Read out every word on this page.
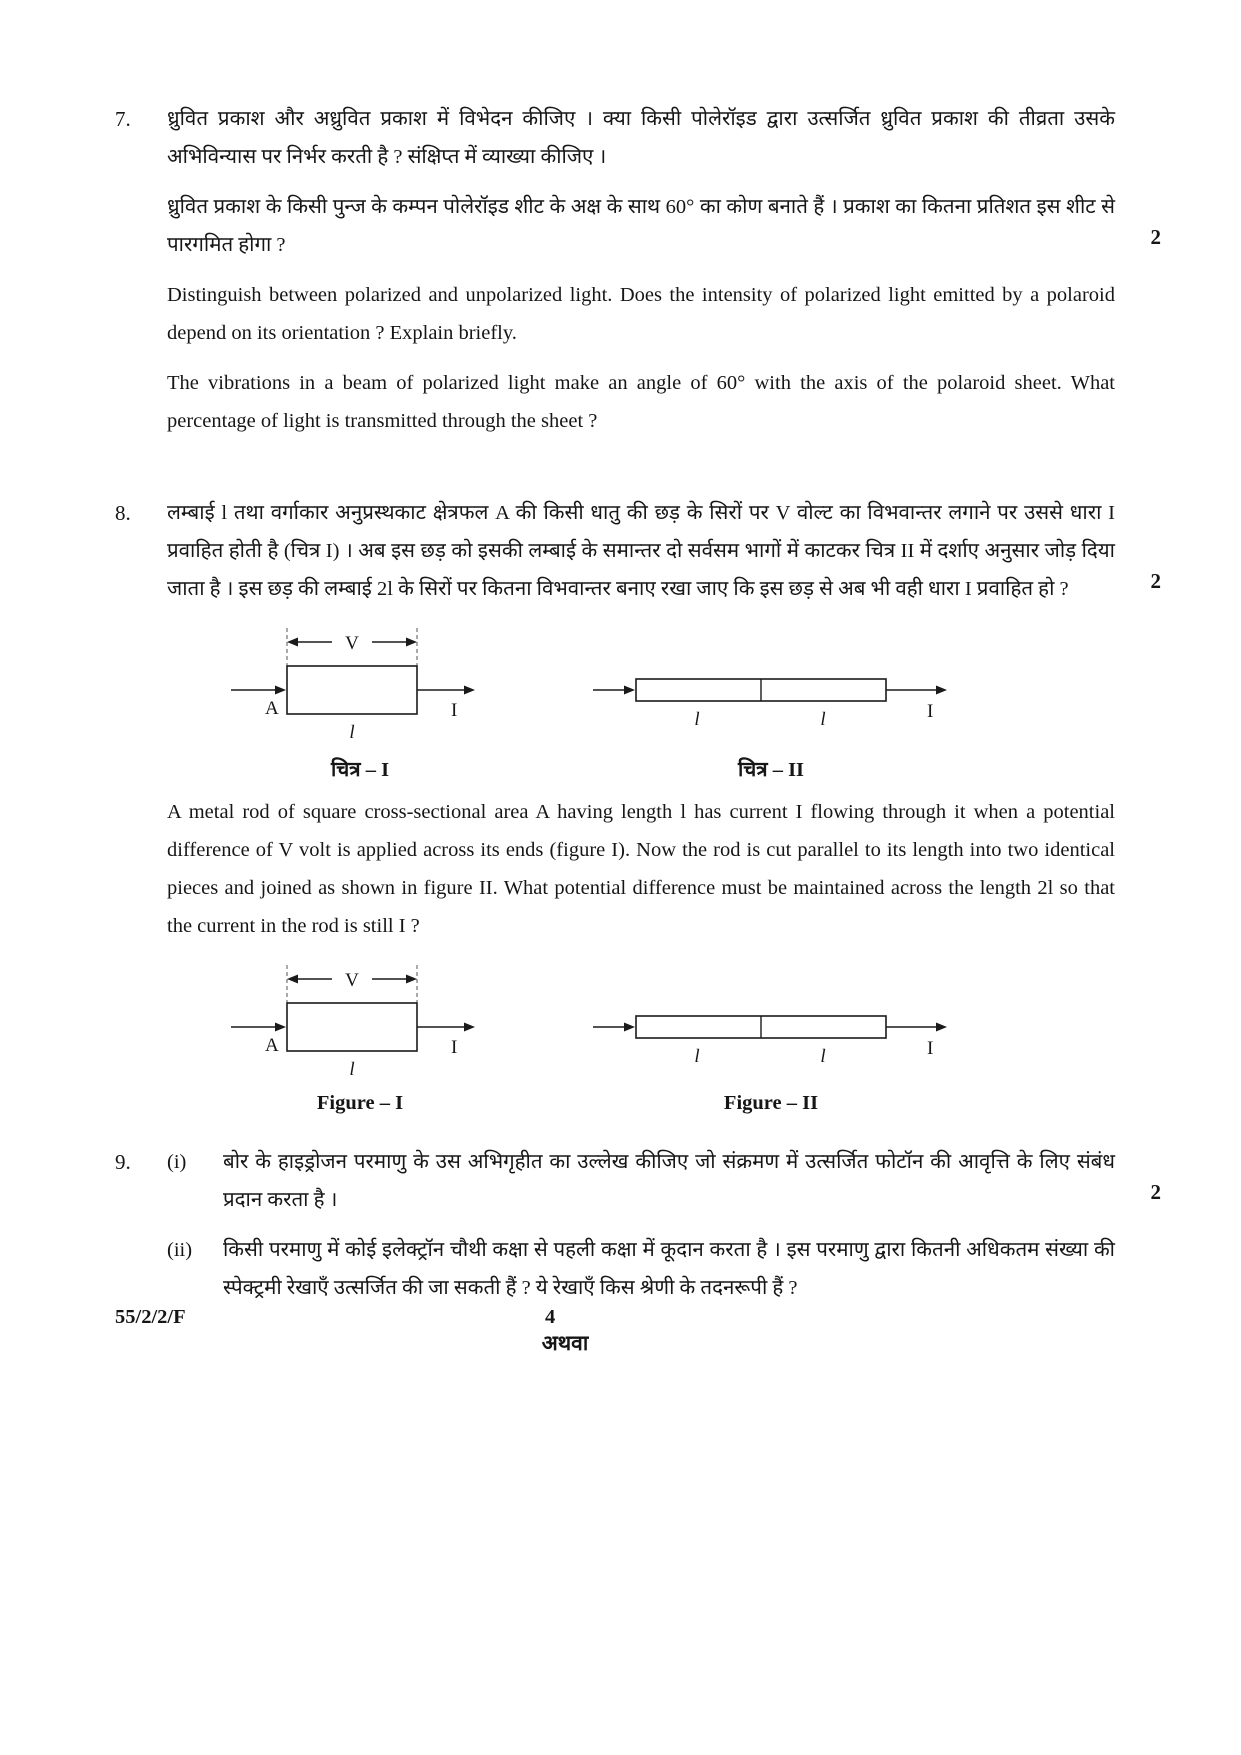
7.	ध्रुवित प्रकाश और अध्रुवित प्रकाश में विभेदन कीजिए । क्या किसी पोलेरॉइड द्वारा उत्सर्जित ध्रुवित प्रकाश की तीव्रता उसके अभिविन्यास पर निर्भर करती है ? संक्षिप्त में व्याख्या कीजिए ।

ध्रुवित प्रकाश के किसी पुन्ज के कम्पन पोलेरॉइड शीट के अक्ष के साथ 60° का कोण बनाते हैं । प्रकाश का कितना प्रतिशत इस शीट से पारगमित होगा ?	2

Distinguish between polarized and unpolarized light. Does the intensity of polarized light emitted by a polaroid depend on its orientation ? Explain briefly.

The vibrations in a beam of polarized light make an angle of 60° with the axis of the polaroid sheet. What percentage of light is transmitted through the sheet ?

8.	लम्बाई l तथा वर्गाकार अनुप्रस्थकाट क्षेत्रफल A की किसी धातु की छड़ के सिरों पर V वोल्ट का विभवान्तर लगाने पर उससे धारा I प्रवाहित होती है (चित्र I) । अब इस छड़ को इसकी लम्बाई के समान्तर दो सर्वसम भागों में काटकर चित्र II में दर्शाए अनुसार जोड़ दिया जाता है । इस छड़ की लम्बाई 2l के सिरों पर कितना विभवान्तर बनाए रखा जाए कि इस छड़ से अब भी वही धारा I प्रवाहित हो ?	2
V
A	I
l
चित्र – I
I
l	l
चित्र – II

A metal rod of square cross-sectional area A having length l has current I flowing through it when a potential difference of V volt is applied across its ends (figure I). Now the rod is cut parallel to its length into two identical pieces and joined as shown in figure II. What potential difference must be maintained across the length 2l so that the current in the rod is still I ?

V
A	I
l
Figure – I
I
l	l
Figure – II
9.	(i)	बोर के हाइड्रोजन परमाणु के उस अभिगृहीत का उल्लेख कीजिए जो संक्रमण में उत्सर्जित फोटॉन की आवृत्ति के लिए संबंध प्रदान करता है ।	2
(ii)	किसी परमाणु में कोई इलेक्ट्रॉन चौथी कक्षा से पहली कक्षा में कूदान करता है । इस परमाणु द्वारा कितनी अधिकतम संख्या की स्पेक्ट्रमी रेखाएँ उत्सर्जित की जा सकती हैं ? ये रेखाएँ किस श्रेणी के तदनरूपी हैं ?

अथवा
55/2/2/F	4
